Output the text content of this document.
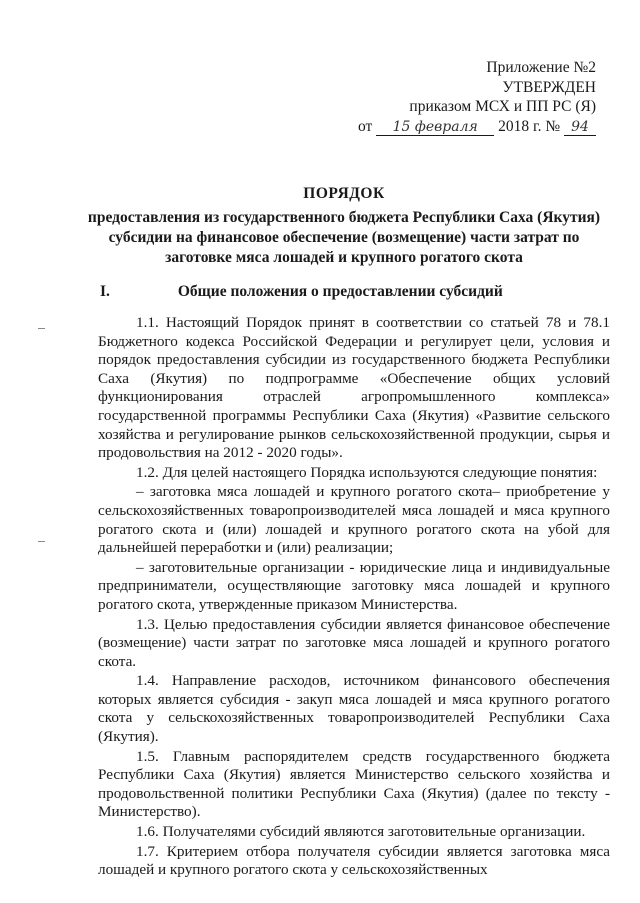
Приложение №2
УТВЕРЖДЕН
приказом МСХ и ПП РС (Я)
от 15 февраля 2018 г. № 94
ПОРЯДОК
предоставления из государственного бюджета Республики Саха (Якутия) субсидии на финансовое обеспечение (возмещение) части затрат по заготовке мяса лошадей и крупного рогатого скота
I.	Общие положения о предоставлении субсидий

1.1. Настоящий Порядок принят в соответствии со статьей 78 и 78.1 Бюджетного кодекса Российской Федерации и регулирует цели, условия и порядок предоставления субсидии из государственного бюджета Республики Саха (Якутия) по подпрограмме «Обеспечение общих условий функционирования отраслей агропромышленного комплекса» государственной программы Республики Саха (Якутия) «Развитие сельского хозяйства и регулирование рынков сельскохозяйственной продукции, сырья и продовольствия на 2012 - 2020 годы».

1.2. Для целей настоящего Порядка используются следующие понятия:

– заготовка мяса лошадей и крупного рогатого скота– приобретение у сельскохозяйственных товаропроизводителей мяса лошадей и мяса крупного рогатого скота и (или) лошадей и крупного рогатого скота на убой для дальнейшей переработки и (или) реализации;

– заготовительные организации - юридические лица и индивидуальные предприниматели, осуществляющие заготовку мяса лошадей и крупного рогатого скота, утвержденные приказом Министерства.

1.3. Целью предоставления субсидии является финансовое обеспечение (возмещение) части затрат по заготовке мяса лошадей и крупного рогатого скота.

1.4. Направление расходов, источником финансового обеспечения которых является субсидия - закуп мяса лошадей и мяса крупного рогатого скота у сельскохозяйственных товаропроизводителей Республики Саха (Якутия).

1.5. Главным распорядителем средств государственного бюджета Республики Саха (Якутия) является Министерство сельского хозяйства и продовольственной политики Республики Саха (Якутия) (далее по тексту - Министерство).

1.6. Получателями субсидий являются заготовительные организации.

1.7. Критерием отбора получателя субсидии является заготовка мяса лошадей и крупного рогатого скота у сельскохозяйственных
